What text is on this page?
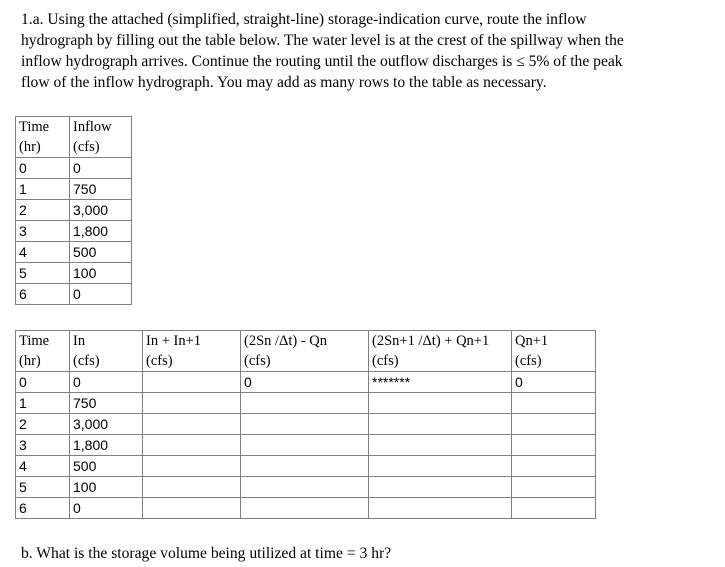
1.a. Using the attached (simplified, straight-line) storage-indication curve, route the inflow

hydrograph by filling out the table below. The water level is at the crest of the spillway when the

inflow hydrograph arrives. Continue the routing until the outflow discharges is ≤ 5% of the peak

flow of the inflow hydrograph. You may add as many rows to the table as necessary.

Time	Inflow
(hr)	(cfs)
0	0
1	750
2	3,000
3	1,800
4	500
5	100
6	0
Time	In	In + In+1	(2Sn /Δt) - Qn	(2Sn+1 /Δt) + Qn+1	Qn+1
(hr)	(cfs)	(cfs)	(cfs)	(cfs)	(cfs)
0	0		0	*******	0
1	750				
2	3,000				
3	1,800				
4	500				
5	100				
6	0				
b. What is the storage volume being utilized at time = 3 hr?
